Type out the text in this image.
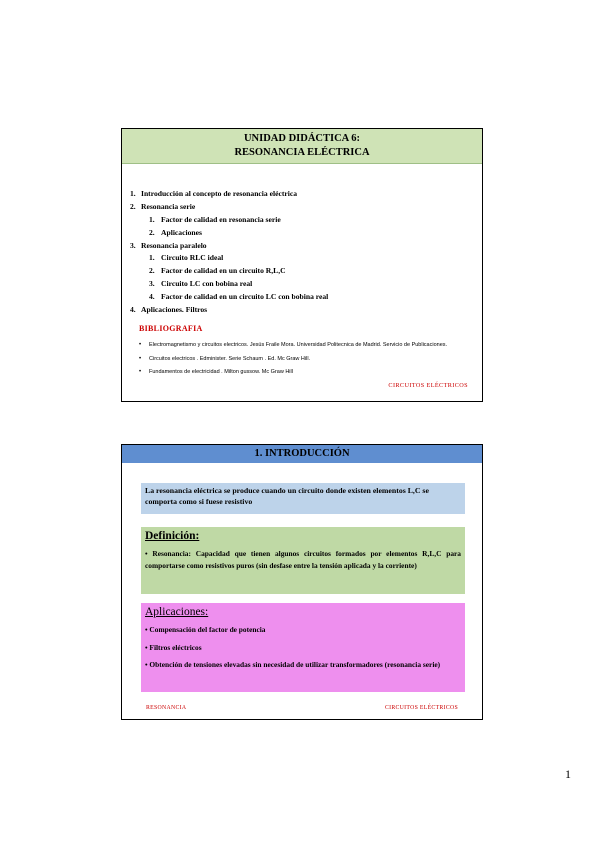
UNIDAD DIDÁCTICA 6:
RESONANCIA ELÉCTRICA
1. Introducción al concepto de resonancia eléctrica
2. Resonancia serie
1. Factor de calidad en resonancia serie
2. Aplicaciones
3. Resonancia paralelo
1. Circuito RLC ideal
2. Factor de calidad en un circuito R,L,C
3. Circuito LC con bobina real
4. Factor de calidad en un circuito LC con bobina real
4. Aplicaciones. Filtros
BIBLIOGRAFIA
• Electromagnetismo y circuitos electricos. Jesús Fraile Mora. Universidad Politecnica de Madrid. Servicio de Publicaciones.
• Circuitos electricos . Edminister. Serie Schaum . Ed. Mc Graw Hill.
• Fundamentos de electricidad . Milton gussow. Mc Graw Hill
CIRCUITOS ELÉCTRICOS
1. INTRODUCCIÓN
La resonancia eléctrica se produce cuando un circuito donde existen elementos L,C se comporta como si fuese resistivo
Definición:
• Resonancia: Capacidad que tienen algunos circuitos formados por elementos R,L,C para comportarse como resistivos puros (sin desfase entre la tensión aplicada y la corriente)
Aplicaciones:
• Compensación del factor de potencia
• Filtros eléctricos
• Obtención de tensiones elevadas sin necesidad de utilizar transformadores (resonancia serie)
RESONANCIA	CIRCUITOS ELÉCTRICOS
1
